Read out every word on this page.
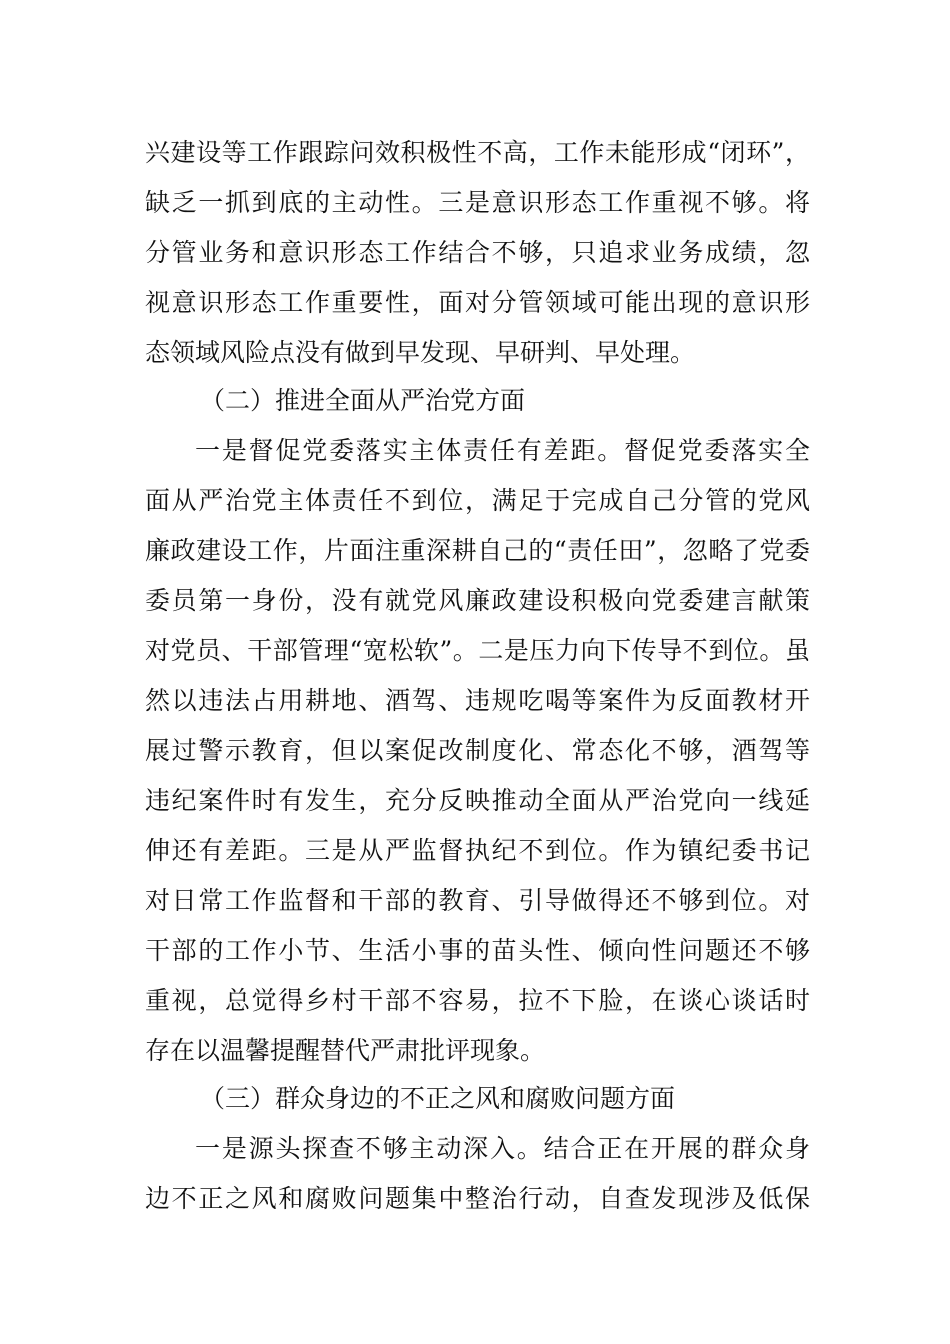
兴建设等工作跟踪问效积极性不高，工作未能形成“闭环”，
缺乏一抓到底的主动性。三是意识形态工作重视不够。将
分管业务和意识形态工作结合不够，只追求业务成绩，忽
视意识形态工作重要性，面对分管领域可能出现的意识形
态领域风险点没有做到早发现、早研判、早处理。
（二）推进全面从严治党方面
一是督促党委落实主体责任有差距。督促党委落实全
面从严治党主体责任不到位，满足于完成自己分管的党风
廉政建设工作，片面注重深耕自己的“责任田”，忽略了党委
委员第一身份，没有就党风廉政建设积极向党委建言献策
对党员、干部管理“宽松软”。二是压力向下传导不到位。虽
然以违法占用耕地、酒驾、违规吃喝等案件为反面教材开
展过警示教育，但以案促改制度化、常态化不够，酒驾等
违纪案件时有发生，充分反映推动全面从严治党向一线延
伸还有差距。三是从严监督执纪不到位。作为镇纪委书记
对日常工作监督和干部的教育、引导做得还不够到位。对
干部的工作小节、生活小事的苗头性、倾向性问题还不够
重视，总觉得乡村干部不容易，拉不下脸，在谈心谈话时
存在以温馨提醒替代严肃批评现象。
（三）群众身边的不正之风和腐败问题方面
一是源头探查不够主动深入。结合正在开展的群众身
边不正之风和腐败问题集中整治行动，自查发现涉及低保
